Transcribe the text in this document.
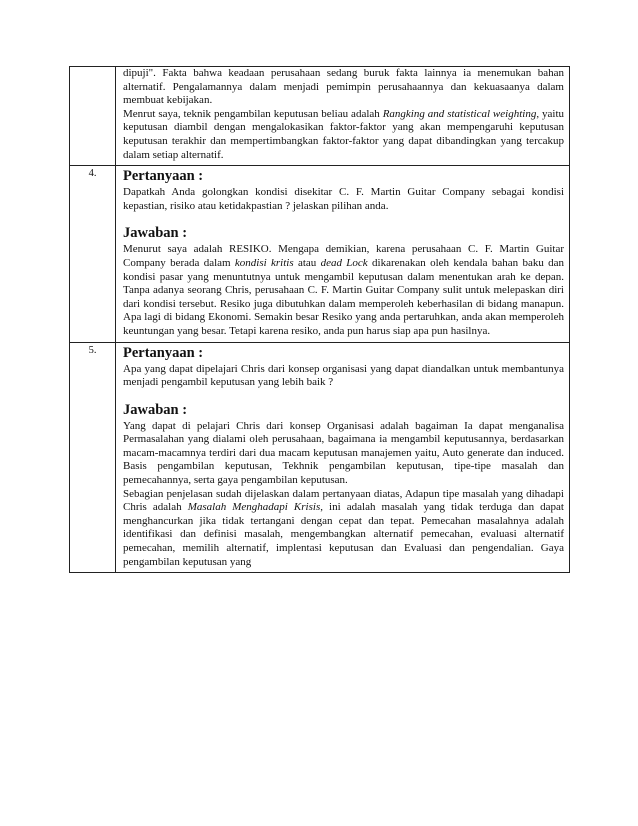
	dipuji". Fakta bahwa keadaan perusahaan sedang buruk fakta lainnya ia menemukan bahan alternatif. Pengalamannya dalam menjadi pemimpin perusahaannya dan kekuasaanya dalam membuat kebijakan.

Menrut saya, teknik pengambilan keputusan beliau adalah Rangking and statistical weighting, yaitu keputusan diambil dengan mengalokasikan faktor-faktor yang akan mempengaruhi keputusan keputusan terakhir dan mempertimbangkan faktor-faktor yang dapat dibandingkan yang tercakup dalam setiap alternatif.

4.	Pertanyaan :

Dapatkah Anda golongkan kondisi disekitar C. F. Martin Guitar Company sebagai kondisi kepastian, risiko atau ketidakpastian ? jelaskan pilihan anda.

Jawaban :

Menurut saya adalah RESIKO. Mengapa demikian, karena perusahaan C. F. Martin Guitar Company berada dalam kondisi kritis atau dead Lock dikarenakan oleh kendala bahan baku dan kondisi pasar yang menuntutnya untuk mengambil keputusan dalam menentukan arah ke depan. Tanpa adanya seorang Chris, perusahaan C. F. Martin Guitar Company sulit untuk melepaskan diri dari kondisi tersebut. Resiko juga dibutuhkan dalam memperoleh keberhasilan di bidang manapun. Apa lagi di bidang Ekonomi. Semakin besar Resiko yang anda pertaruhkan, anda akan memperoleh keuntungan yang besar. Tetapi karena resiko, anda pun harus siap apa pun hasilnya.

5.	Pertanyaan :

Apa yang dapat dipelajari Chris dari konsep organisasi yang dapat diandalkan untuk membantunya menjadi pengambil keputusan yang lebih baik ?

Jawaban :

Yang dapat di pelajari Chris dari konsep Organisasi adalah bagaiman Ia dapat menganalisa Permasalahan yang dialami oleh perusahaan, bagaimana ia mengambil keputusannya, berdasarkan macam-macamnya terdiri dari dua macam keputusan manajemen yaitu, Auto generate dan induced. Basis pengambilan keputusan, Tekhnik pengambilan keputusan, tipe-tipe masalah dan pemecahannya, serta gaya pengambilan keputusan.

Sebagian penjelasan sudah dijelaskan dalam pertanyaan diatas, Adapun tipe masalah yang dihadapi Chris adalah Masalah Menghadapi Krisis, ini adalah masalah yang tidak terduga dan dapat menghancurkan jika tidak tertangani dengan cepat dan tepat. Pemecahan masalahnya adalah identifikasi dan definisi masalah, mengembangkan alternatif pemecahan, evaluasi alternatif pemecahan, memilih alternatif, implentasi keputusan dan Evaluasi dan pengendalian. Gaya pengambilan keputusan yang
